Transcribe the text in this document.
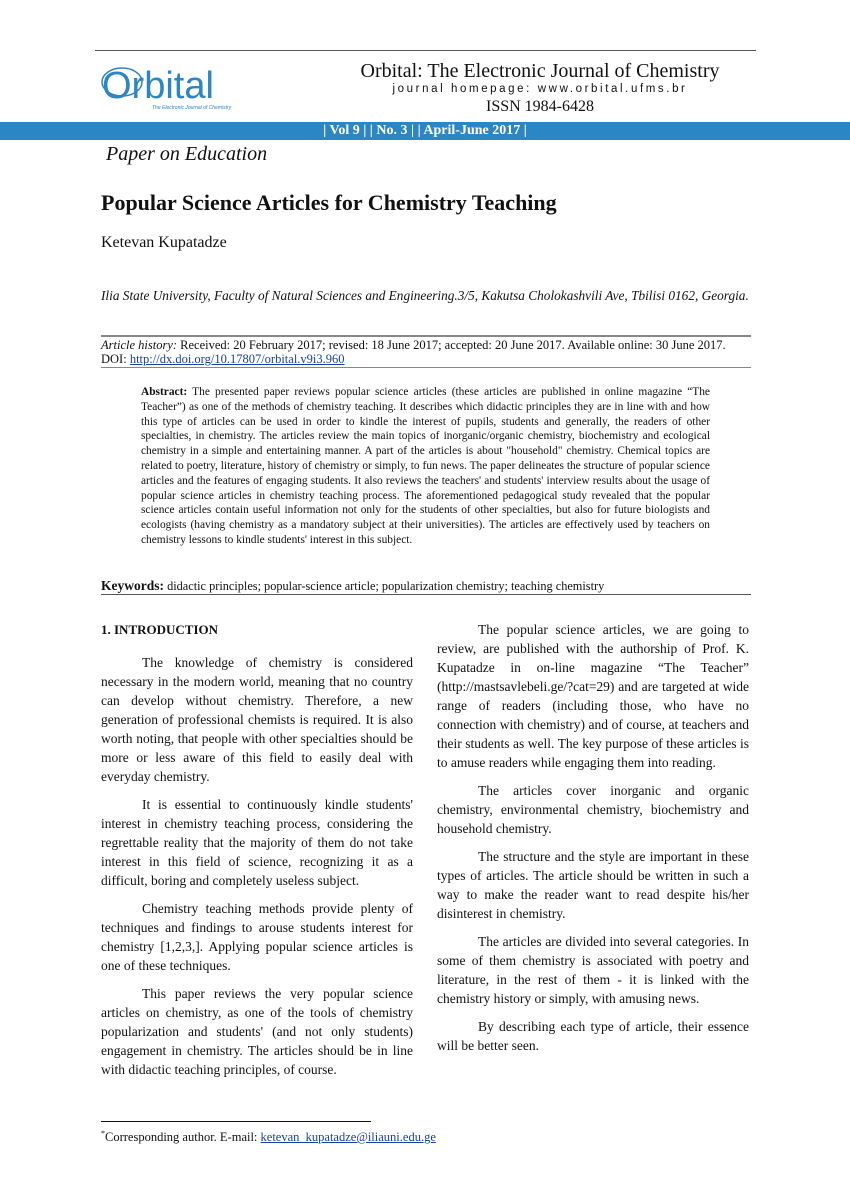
Orbital
The Electronic Journal of Chemistry
Orbital: The Electronic Journal of Chemistry
journal homepage: www.orbital.ufms.br
ISSN 1984-6428
| Vol 9 | | No. 3 | | April-June 2017 |
Paper on Education
Popular Science Articles for Chemistry Teaching
Ketevan Kupatadze
Ilia State University, Faculty of Natural Sciences and Engineering.3/5, Kakutsa Cholokashvili Ave, Tbilisi 0162, Georgia.
Article history: Received: 20 February 2017; revised: 18 June 2017; accepted: 20 June 2017. Available online: 30 June 2017.
DOI: http://dx.doi.org/10.17807/orbital.v9i3.960
Abstract: The presented paper reviews popular science articles (these articles are published in online magazine “The Teacher”) as one of the methods of chemistry teaching. It describes which didactic principles they are in line with and how this type of articles can be used in order to kindle the interest of pupils, students and generally, the readers of other specialties, in chemistry. The articles review the main topics of inorganic/organic chemistry, biochemistry and ecological chemistry in a simple and entertaining manner. A part of the articles is about "household" chemistry. Chemical topics are related to poetry, literature, history of chemistry or simply, to fun news. The paper delineates the structure of popular science articles and the features of engaging students. It also reviews the teachers' and students' interview results about the usage of popular science articles in chemistry teaching process. The aforementioned pedagogical study revealed that the popular science articles contain useful information not only for the students of other specialties, but also for future biologists and ecologists (having chemistry as a mandatory subject at their universities). The articles are effectively used by teachers on chemistry lessons to kindle students' interest in this subject.
Keywords: didactic principles; popular-science article; popularization chemistry; teaching chemistry
1. INTRODUCTION

The knowledge of chemistry is considered necessary in the modern world, meaning that no country can develop without chemistry. Therefore, a new generation of professional chemists is required. It is also worth noting, that people with other specialties should be more or less aware of this field to easily deal with everyday chemistry.

It is essential to continuously kindle students' interest in chemistry teaching process, considering the regrettable reality that the majority of them do not take interest in this field of science, recognizing it as a difficult, boring and completely useless subject.

Chemistry teaching methods provide plenty of techniques and findings to arouse students interest for chemistry [1,2,3,]. Applying popular science articles is one of these techniques.

This paper reviews the very popular science articles on chemistry, as one of the tools of chemistry popularization and students' (and not only students) engagement in chemistry. The articles should be in line with didactic teaching principles, of course.

The popular science articles, we are going to review, are published with the authorship of Prof. K. Kupatadze in on-line magazine “The Teacher” (http://mastsavlebeli.ge/?cat=29) and are targeted at wide range of readers (including those, who have no connection with chemistry) and of course, at teachers and their students as well. The key purpose of these articles is to amuse readers while engaging them into reading.

The articles cover inorganic and organic chemistry, environmental chemistry, biochemistry and household chemistry.

The structure and the style are important in these types of articles. The article should be written in such a way to make the reader want to read despite his/her disinterest in chemistry.

The articles are divided into several categories. In some of them chemistry is associated with poetry and literature, in the rest of them - it is linked with the chemistry history or simply, with amusing news.

By describing each type of article, their essence will be better seen.

*Corresponding author. E-mail: ketevan_kupatadze@iliauni.edu.ge
